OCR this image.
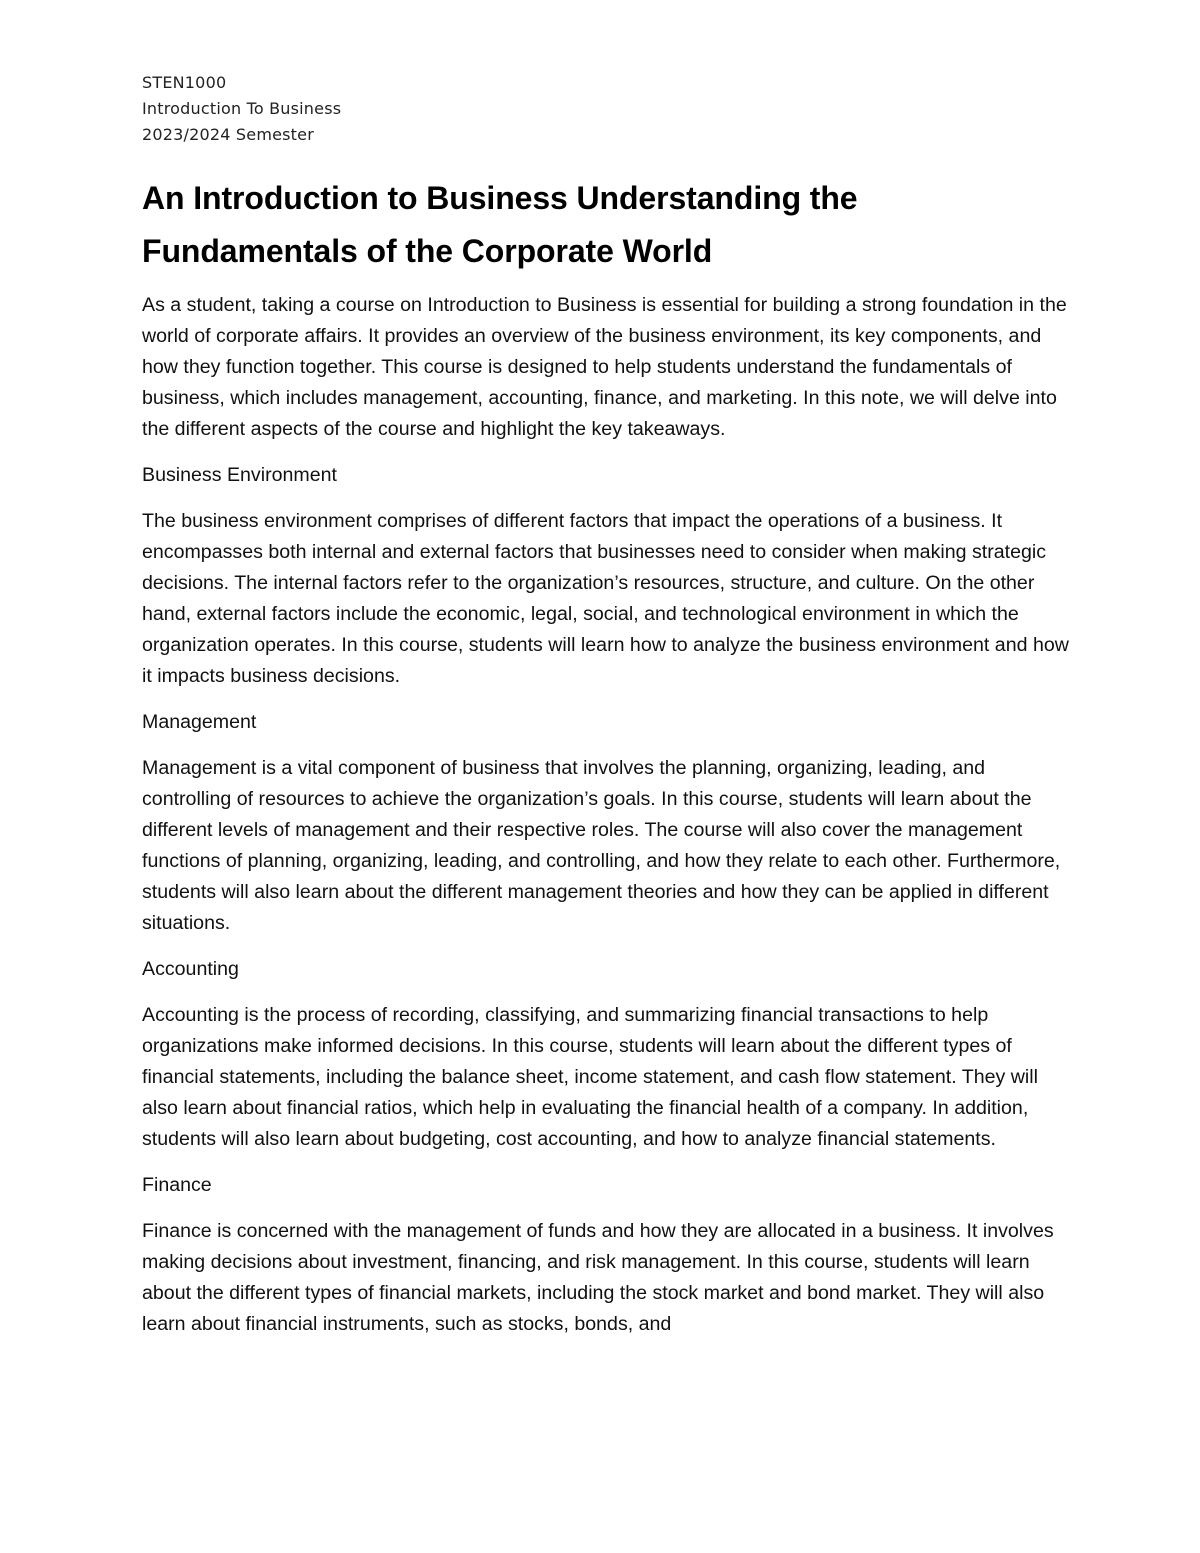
STEN1000
Introduction To Business
2023/2024 Semester
An Introduction to Business Understanding the Fundamentals of the Corporate World

As a student, taking a course on Introduction to Business is essential for building a strong foundation in the world of corporate affairs. It provides an overview of the business environment, its key components, and how they function together. This course is designed to help students understand the fundamentals of business, which includes management, accounting, finance, and marketing. In this note, we will delve into the different aspects of the course and highlight the key takeaways.

Business Environment

The business environment comprises of different factors that impact the operations of a business. It encompasses both internal and external factors that businesses need to consider when making strategic decisions. The internal factors refer to the organization’s resources, structure, and culture. On the other hand, external factors include the economic, legal, social, and technological environment in which the organization operates. In this course, students will learn how to analyze the business environment and how it impacts business decisions.

Management

Management is a vital component of business that involves the planning, organizing, leading, and controlling of resources to achieve the organization’s goals. In this course, students will learn about the different levels of management and their respective roles. The course will also cover the management functions of planning, organizing, leading, and controlling, and how they relate to each other. Furthermore, students will also learn about the different management theories and how they can be applied in different situations.

Accounting

Accounting is the process of recording, classifying, and summarizing financial transactions to help organizations make informed decisions. In this course, students will learn about the different types of financial statements, including the balance sheet, income statement, and cash flow statement. They will also learn about financial ratios, which help in evaluating the financial health of a company. In addition, students will also learn about budgeting, cost accounting, and how to analyze financial statements.

Finance

Finance is concerned with the management of funds and how they are allocated in a business. It involves making decisions about investment, financing, and risk management. In this course, students will learn about the different types of financial markets, including the stock market and bond market. They will also learn about financial instruments, such as stocks, bonds, and
